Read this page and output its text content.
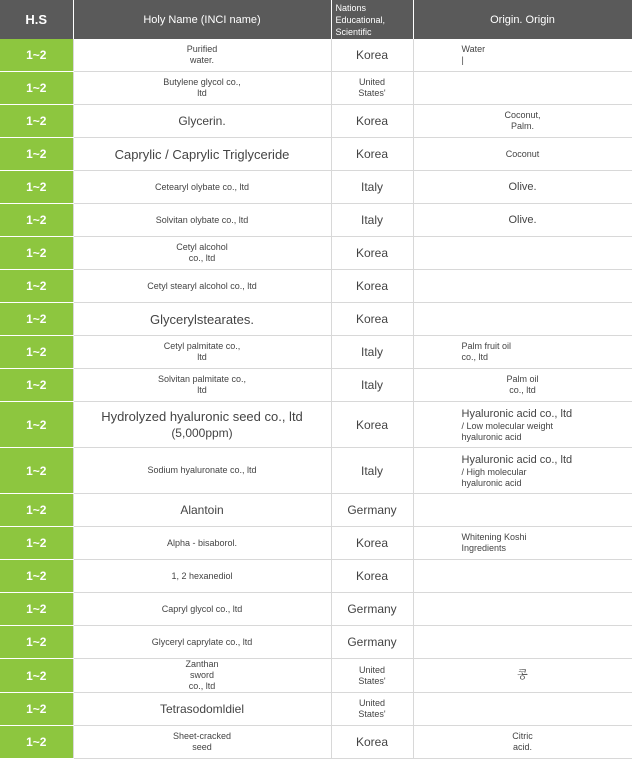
H.S	Holy Name (INCI name)	Nations
Educational,
Scientific	Origin. Origin
1~2	Purified
water.	Korea	Water
|

1~2	Butylene glycol co.,
ltd	United
States'	

1~2	Glycerin.	Korea	Coconut,
Palm.

1~2	Caprylic / Caprylic Triglyceride	Korea	Coconut
1~2	Cetearyl olybate co., ltd	Italy	Olive.
1~2	Solvitan olybate co., ltd	Italy	Olive.
1~2	Cetyl alcohol
co., ltd	Korea	
1~2	Cetyl stearyl alcohol co., ltd	Korea	
1~2	Glycerylstearates.	Korea	
1~2	Cetyl palmitate co.,
ltd	Italy	Palm fruit oil
co., ltd

1~2	Solvitan palmitate co.,
ltd	Italy	Palm oil
co., ltd

1~2	Hydrolyzed hyaluronic seed co., ltd
(5,000ppm)	Korea	Hyaluronic acid co., ltd
/ Low molecular weight
hyaluronic acid

1~2	Sodium hyaluronate co., ltd	Italy	Hyaluronic acid co., ltd
/ High molecular
hyaluronic acid

1~2	Alantoin	Germany	
1~2	Alpha - bisaborol.	Korea	Whitening Koshi
Ingredients

1~2	1, 2 hexanediol	Korea	
1~2	Capryl glycol co., ltd	Germany	
1~2	Glyceryl caprylate co., ltd	Germany	
1~2	Zanthan
sword
co., ltd	United
States'	콩
1~2	Tetrasodomldiel	United
States'	

1~2	Sheet-cracked
seed	Korea	Citric
acid.
